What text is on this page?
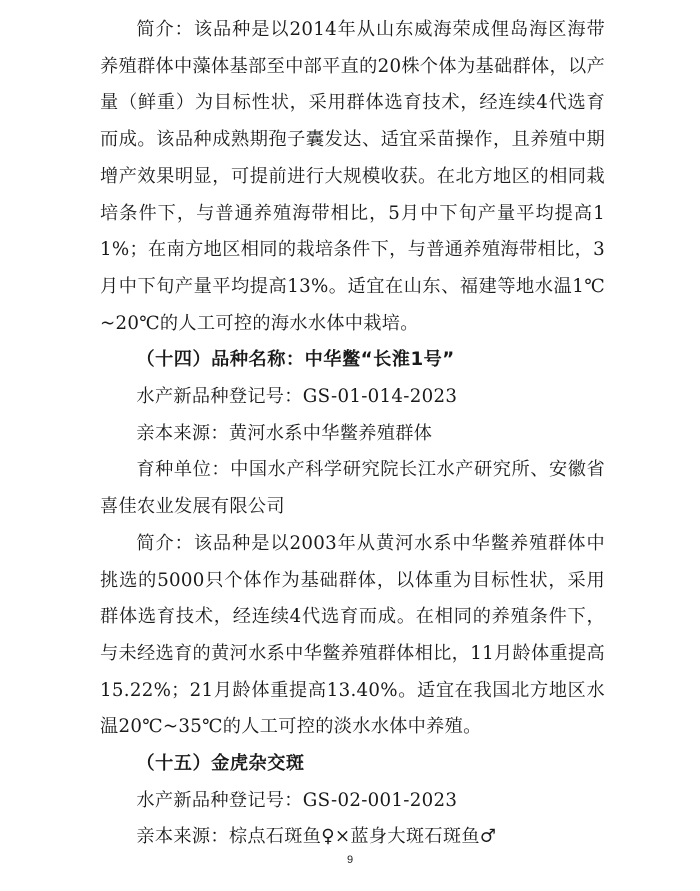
简介：该品种是以2014年从山东威海荣成俚岛海区海带养殖群体中藻体基部至中部平直的20株个体为基础群体，以产量（鲜重）为目标性状，采用群体选育技术，经连续4代选育而成。该品种成熟期孢子囊发达、适宜采苗操作，且养殖中期增产效果明显，可提前进行大规模收获。在北方地区的相同栽培条件下，与普通养殖海带相比，5月中下旬产量平均提高11%；在南方地区相同的栽培条件下，与普通养殖海带相比，3月中下旬产量平均提高13%。适宜在山东、福建等地水温1℃~20℃的人工可控的海水水体中栽培。

（十四）品种名称：中华鳖“长淮1号”

水产新品种登记号：GS-01-014-2023

亲本来源：黄河水系中华鳖养殖群体

育种单位：中国水产科学研究院长江水产研究所、安徽省喜佳农业发展有限公司

简介：该品种是以2003年从黄河水系中华鳖养殖群体中挑选的5000只个体作为基础群体，以体重为目标性状，采用群体选育技术，经连续4代选育而成。在相同的养殖条件下，与未经选育的黄河水系中华鳖养殖群体相比，11月龄体重提高15.22%；21月龄体重提高13.40%。适宜在我国北方地区水温20℃~35℃的人工可控的淡水水体中养殖。

（十五）金虎杂交斑

水产新品种登记号：GS-02-001-2023

亲本来源：棕点石斑鱼♀×蓝身大斑石斑鱼♂

9
